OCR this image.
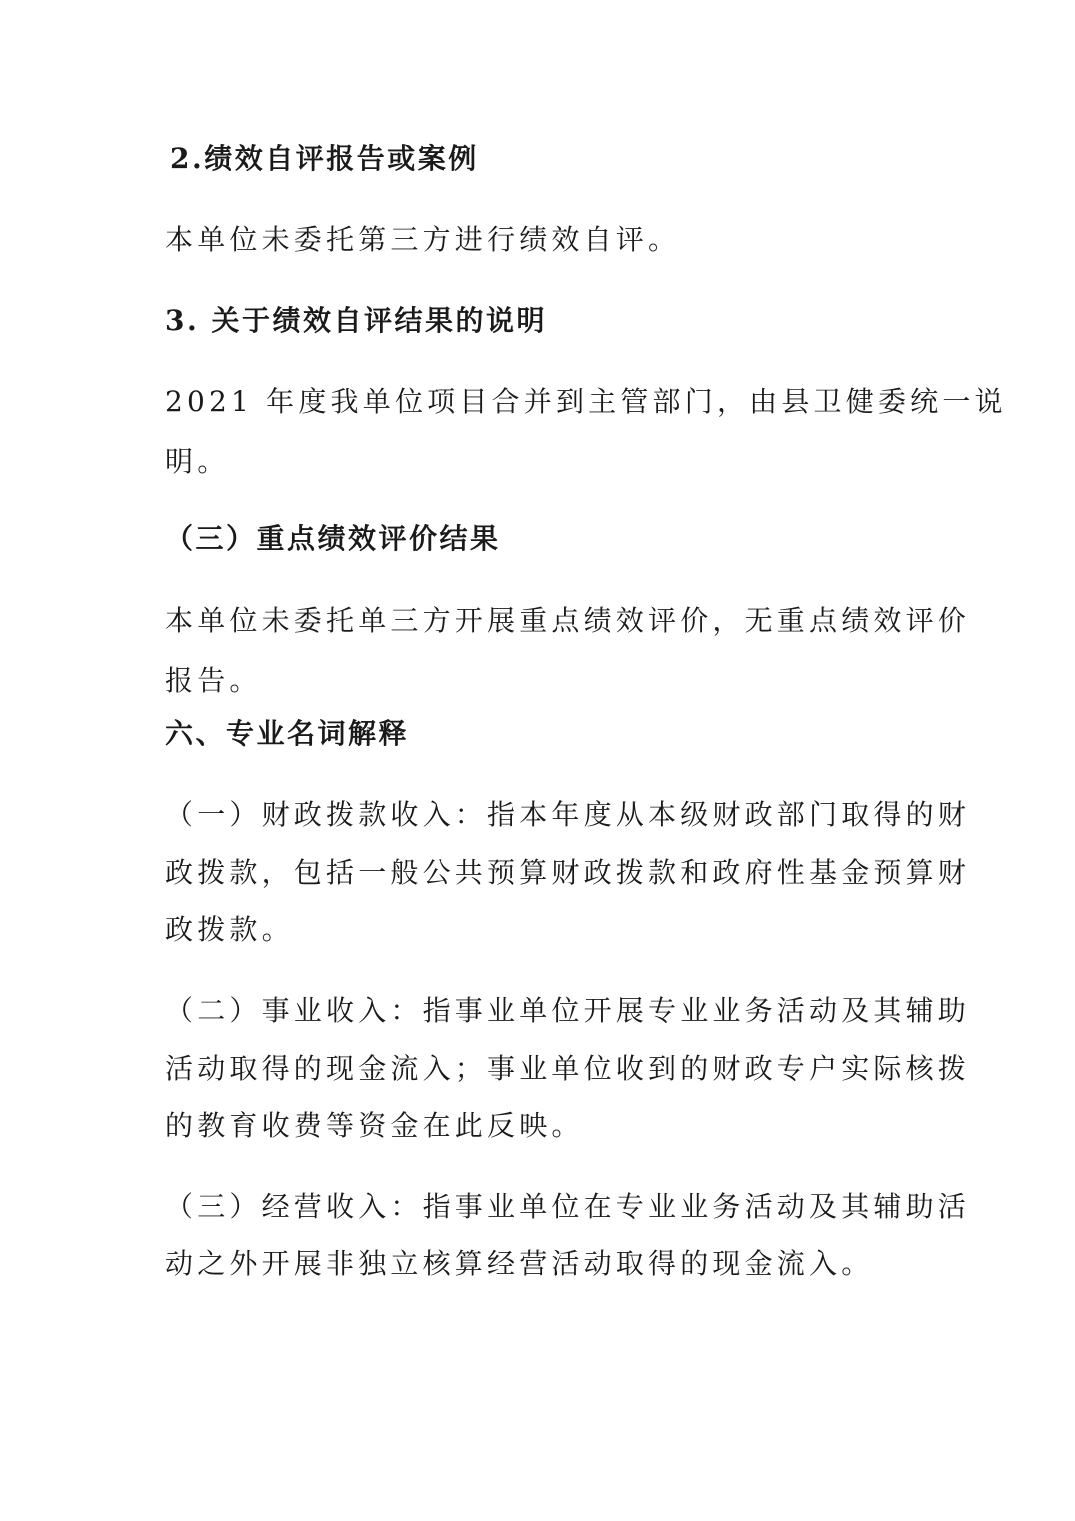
2.绩效自评报告或案例
本单位未委托第三方进行绩效自评。
3. 关于绩效自评结果的说明
2021 年度我单位项目合并到主管部门，由县卫健委统一说
明。
（三）重点绩效评价结果
本单位未委托单三方开展重点绩效评价，无重点绩效评价
报告。
六、专业名词解释
（一）财政拨款收入：指本年度从本级财政部门取得的财
政拨款，包括一般公共预算财政拨款和政府性基金预算财
政拨款。
（二）事业收入：指事业单位开展专业业务活动及其辅助
活动取得的现金流入；事业单位收到的财政专户实际核拨
的教育收费等资金在此反映。
（三）经营收入：指事业单位在专业业务活动及其辅助活
动之外开展非独立核算经营活动取得的现金流入。
